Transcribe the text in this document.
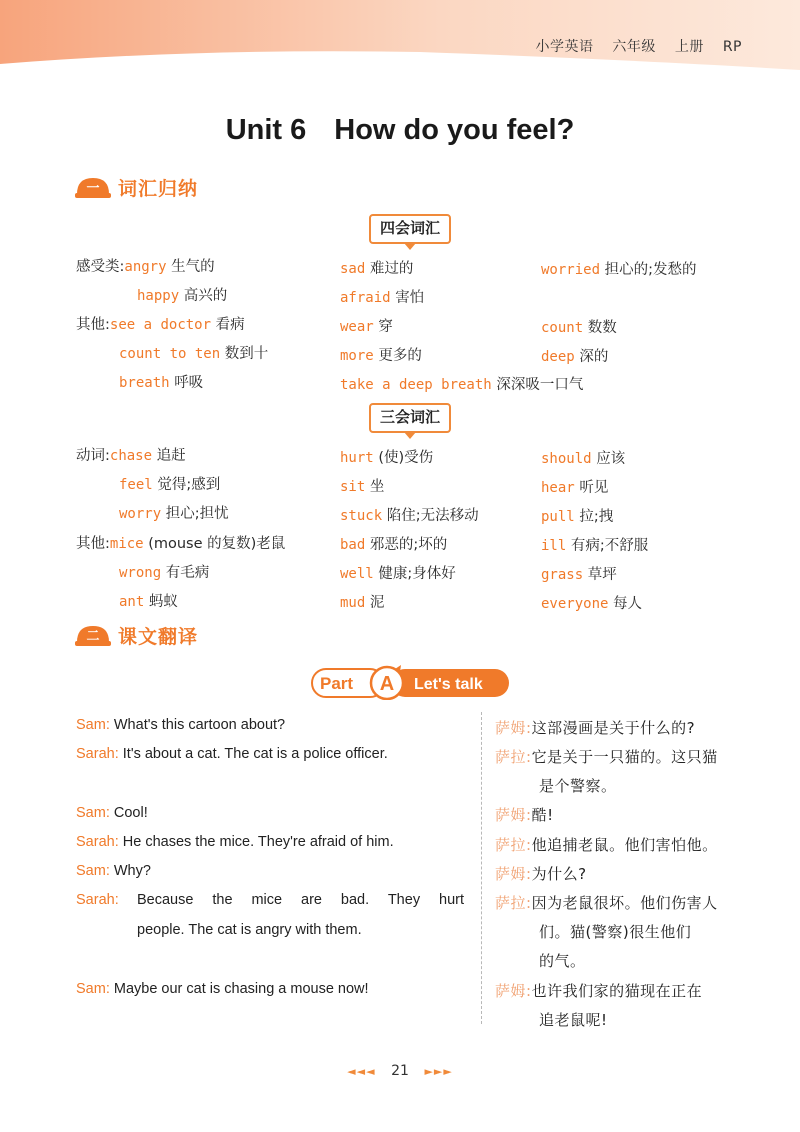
小学英语 六年级 上册 RP
Unit 6 How do you feel?
一 词汇归纳
四会词汇
感受类:angry 生气的
happy 高兴的
其他:see a doctor 看病
count to ten 数到十
breath 呼吸
sad 难过的
afraid 害怕
wear 穿
more 更多的
take a deep breath 深深吸一口气
worried 担心的;发愁的
count 数数
deep 深的
三会词汇
动词:chase 追赶
feel 觉得;感到
worry 担心;担忧
其他:mice (mouse 的复数)老鼠
wrong 有毛病
ant 蚂蚁
hurt (使)受伤
sit 坐
stuck 陷住;无法移动
bad 邪恶的;坏的
well 健康;身体好
mud 泥
should 应该
hear 听见
pull 拉;拽
ill 有病;不舒服
grass 草坪
everyone 每人
二 课文翻译
Part A Let's talk
Sam: What's this cartoon about?
Sarah: It's about a cat. The cat is a police officer.
Sam: Cool!
Sarah: He chases the mice. They're afraid of him.
Sam: Why?
Sarah: Because the mice are bad. They hurt
people. The cat is angry with them.
Sam: Maybe our cat is chasing a mouse now!
萨姆:这部漫画是关于什么的?
萨拉:它是关于一只猫的。这只猫
是个警察。
萨姆:酷!
萨拉:他追捕老鼠。他们害怕他。
萨姆:为什么?
萨拉:因为老鼠很坏。他们伤害人
们。猫(警察)很生他们
的气。
萨姆:也许我们家的猫现在正在
追老鼠呢!
◄◄◄ 21 ►►►
